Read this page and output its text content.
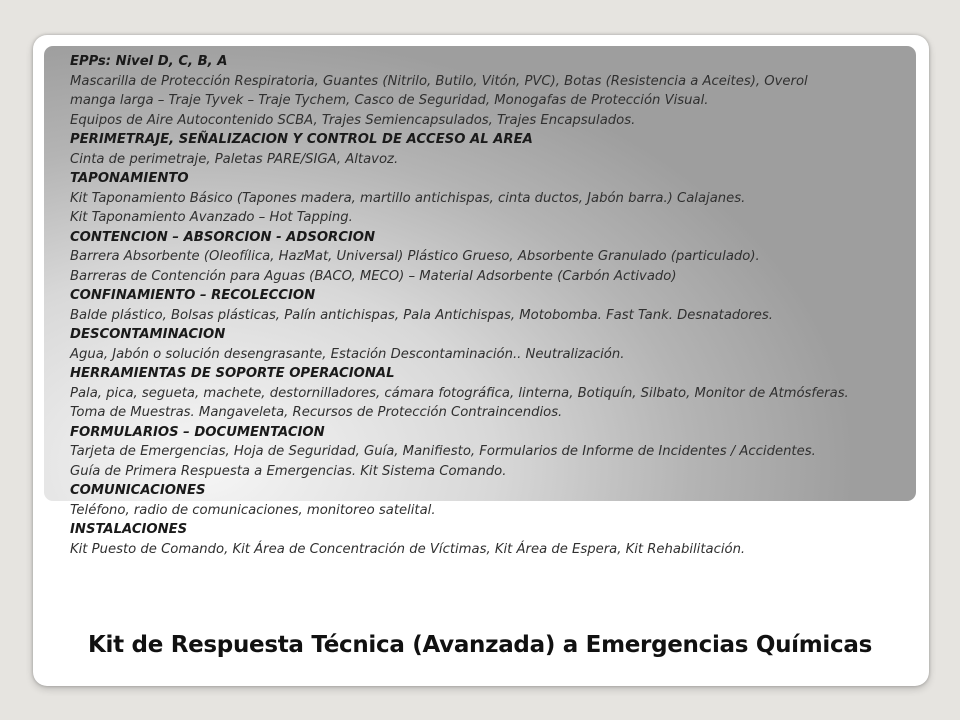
EPPs: Nivel D, C, B, A
Mascarilla de Protección Respiratoria, Guantes (Nitrilo, Butilo, Vitón, PVC), Botas (Resistencia a Aceites), Overol
manga larga – Traje Tyvek – Traje Tychem, Casco de Seguridad, Monogafas de Protección Visual.
Equipos de Aire Autocontenido SCBA, Trajes Semiencapsulados, Trajes Encapsulados.
PERIMETRAJE, SEÑALIZACION Y CONTROL DE ACCESO AL AREA
Cinta de perimetraje, Paletas PARE/SIGA, Altavoz.
TAPONAMIENTO
Kit Taponamiento Básico (Tapones madera, martillo antichispas, cinta ductos, Jabón barra.) Calajanes.
Kit Taponamiento Avanzado – Hot Tapping.
CONTENCION – ABSORCION - ADSORCION
Barrera Absorbente (Oleofílica, HazMat, Universal) Plástico Grueso, Absorbente Granulado (particulado).
Barreras de Contención para Aguas (BACO, MECO) – Material Adsorbente (Carbón Activado)
CONFINAMIENTO – RECOLECCION
Balde plástico, Bolsas plásticas, Palín antichispas, Pala Antichispas, Motobomba. Fast Tank. Desnatadores.
DESCONTAMINACION
Agua, Jabón o solución desengrasante, Estación Descontaminación.. Neutralización.
HERRAMIENTAS DE SOPORTE OPERACIONAL
Pala, pica, segueta, machete, destornilladores, cámara fotográfica, linterna, Botiquín, Silbato, Monitor de Atmósferas.
Toma de Muestras. Mangaveleta, Recursos de Protección Contraincendios.
FORMULARIOS – DOCUMENTACION
Tarjeta de Emergencias, Hoja de Seguridad, Guía, Manifiesto, Formularios de Informe de Incidentes / Accidentes.
Guía de Primera Respuesta a Emergencias. Kit Sistema Comando.
COMUNICACIONES
Teléfono, radio de comunicaciones, monitoreo satelital.
INSTALACIONES
Kit Puesto de Comando, Kit Área de Concentración de Víctimas, Kit Área de Espera, Kit Rehabilitación.
Kit de Respuesta Técnica (Avanzada) a Emergencias Químicas
